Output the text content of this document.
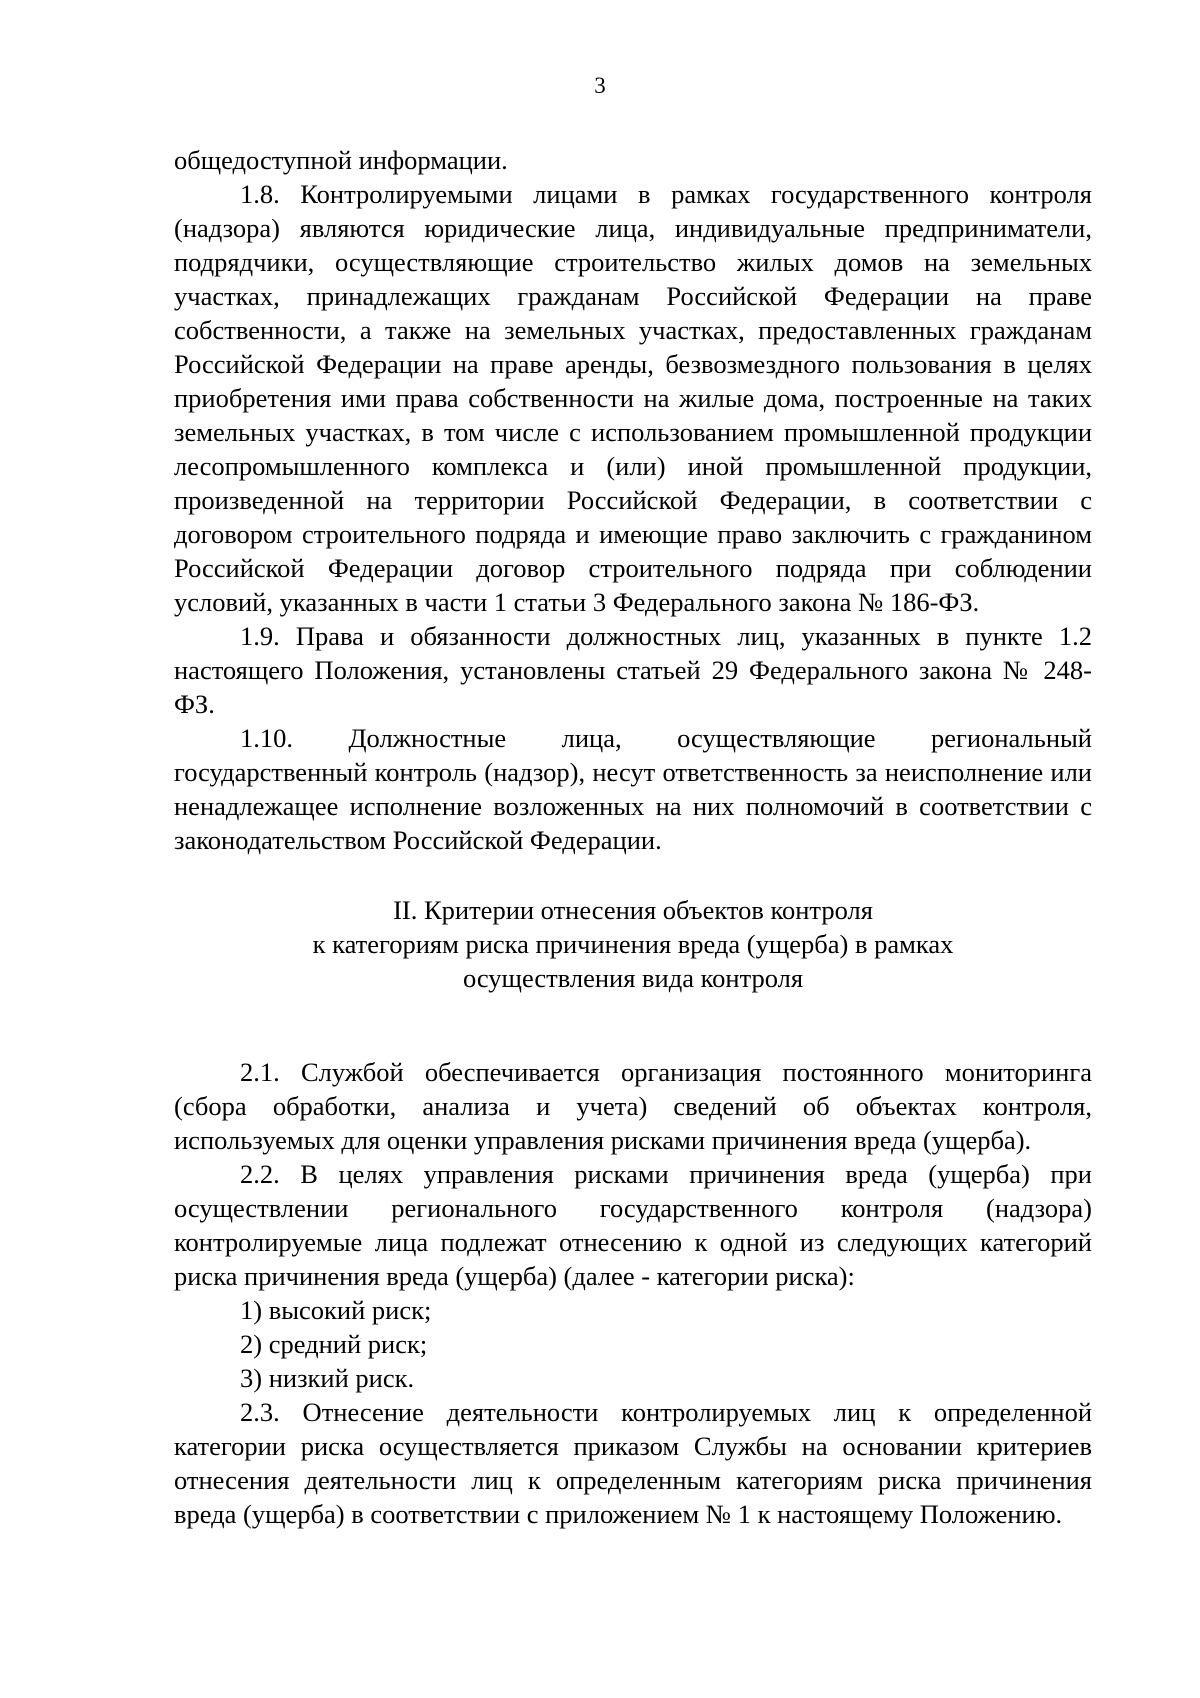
3

общедоступной информации.

1.8. Контролируемыми лицами в рамках государственного контроля (надзора) являются юридические лица, индивидуальные предприниматели, подрядчики, осуществляющие строительство жилых домов на земельных участках, принадлежащих гражданам Российской Федерации на праве собственности, а также на земельных участках, предоставленных гражданам Российской Федерации на праве аренды, безвозмездного пользования в целях приобретения ими права собственности на жилые дома, построенные на таких земельных участках, в том числе с использованием промышленной продукции лесопромышленного комплекса и (или) иной промышленной продукции, произведенной на территории Российской Федерации, в соответствии с договором строительного подряда и имеющие право заключить с гражданином Российской Федерации договор строительного подряда при соблюдении условий, указанных в части 1 статьи 3 Федерального закона № 186-ФЗ.

1.9. Права и обязанности должностных лиц, указанных в пункте 1.2 настоящего Положения, установлены статьей 29 Федерального закона № 248-ФЗ.

1.10. Должностные лица, осуществляющие региональный государственный контроль (надзор), несут ответственность за неисполнение или ненадлежащее исполнение возложенных на них полномочий в соответствии с законодательством Российской Федерации.

II. Критерии отнесения объектов контроля
к категориям риска причинения вреда (ущерба) в рамках
осуществления вида контроля

2.1. Службой обеспечивается организация постоянного мониторинга (сбора обработки, анализа и учета) сведений об объектах контроля, используемых для оценки управления рисками причинения вреда (ущерба).

2.2. В целях управления рисками причинения вреда (ущерба) при осуществлении регионального государственного контроля (надзора) контролируемые лица подлежат отнесению к одной из следующих категорий риска причинения вреда (ущерба) (далее - категории риска):

1) высокий риск;

2) средний риск;

3) низкий риск.

2.3. Отнесение деятельности контролируемых лиц к определенной категории риска осуществляется приказом Службы на основании критериев отнесения деятельности лиц к определенным категориям риска причинения вреда (ущерба) в соответствии с приложением № 1 к настоящему Положению.
